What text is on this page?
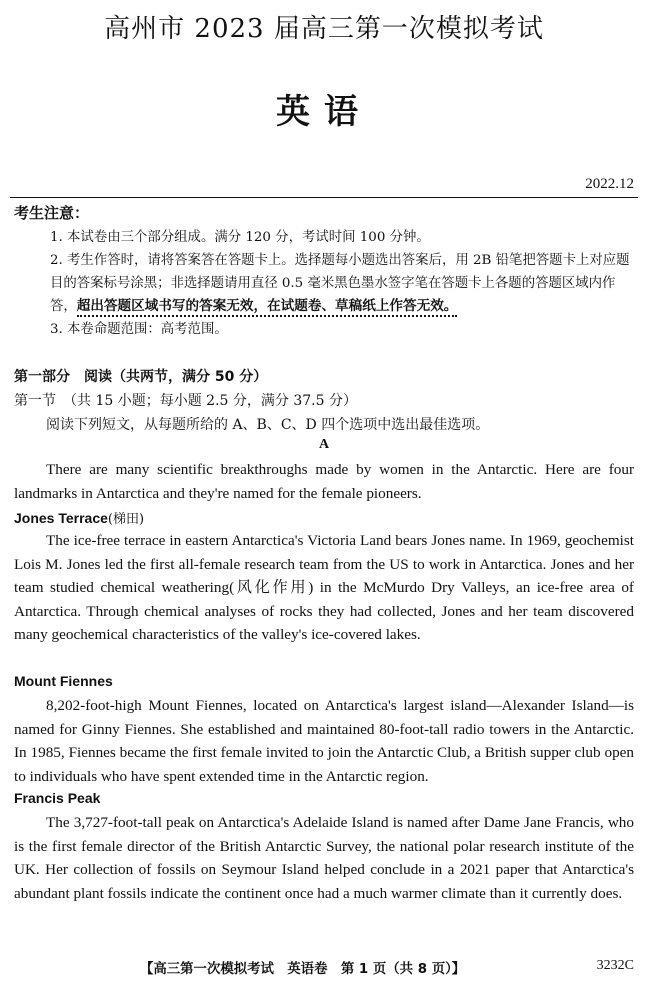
高州市 2023 届高三第一次模拟考试
英语
2022.12
考生注意：
1. 本试卷由三个部分组成。满分 120 分，考试时间 100 分钟。
2. 考生作答时，请将答案答在答题卡上。选择题每小题选出答案后，用 2B 铅笔把答题卡上对应题目的答案标号涂黑；非选择题请用直径 0.5 毫米黑色墨水签字笔在答题卡上各题的答题区域内作答，超出答题区域书写的答案无效，在试题卷、草稿纸上作答无效。
3. 本卷命题范围：高考范围。
第一部分　阅读（共两节，满分 50 分）
第一节　（共 15 小题；每小题 2.5 分，满分 37.5 分）
阅读下列短文，从每题所给的 A、B、C、D 四个选项中选出最佳选项。
A
There are many scientific breakthroughs made by women in the Antarctic. Here are four landmarks in Antarctica and they're named for the female pioneers.
Jones Terrace(梯田)
The ice-free terrace in eastern Antarctica's Victoria Land bears Jones name. In 1969, geochemist Lois M. Jones led the first all-female research team from the US to work in Antarctica. Jones and her team studied chemical weathering(风化作用) in the McMurdo Dry Valleys, an ice-free area of Antarctica. Through chemical analyses of rocks they had collected, Jones and her team discovered many geochemical characteristics of the valley's ice-covered lakes.
Mount Fiennes
8,202-foot-high Mount Fiennes, located on Antarctica's largest island—Alexander Island—is named for Ginny Fiennes. She established and maintained 80-foot-tall radio towers in the Antarctic. In 1985, Fiennes became the first female invited to join the Antarctic Club, a British supper club open to individuals who have spent extended time in the Antarctic region.
Francis Peak
The 3,727-foot-tall peak on Antarctica's Adelaide Island is named after Dame Jane Francis, who is the first female director of the British Antarctic Survey, the national polar research institute of the UK. Her collection of fossils on Seymour Island helped conclude in a 2021 paper that Antarctica's abundant plant fossils indicate the continent once had a much warmer climate than it currently does.
【高三第一次模拟考试　英语卷　第 1 页（共 8 页）】	3232C
